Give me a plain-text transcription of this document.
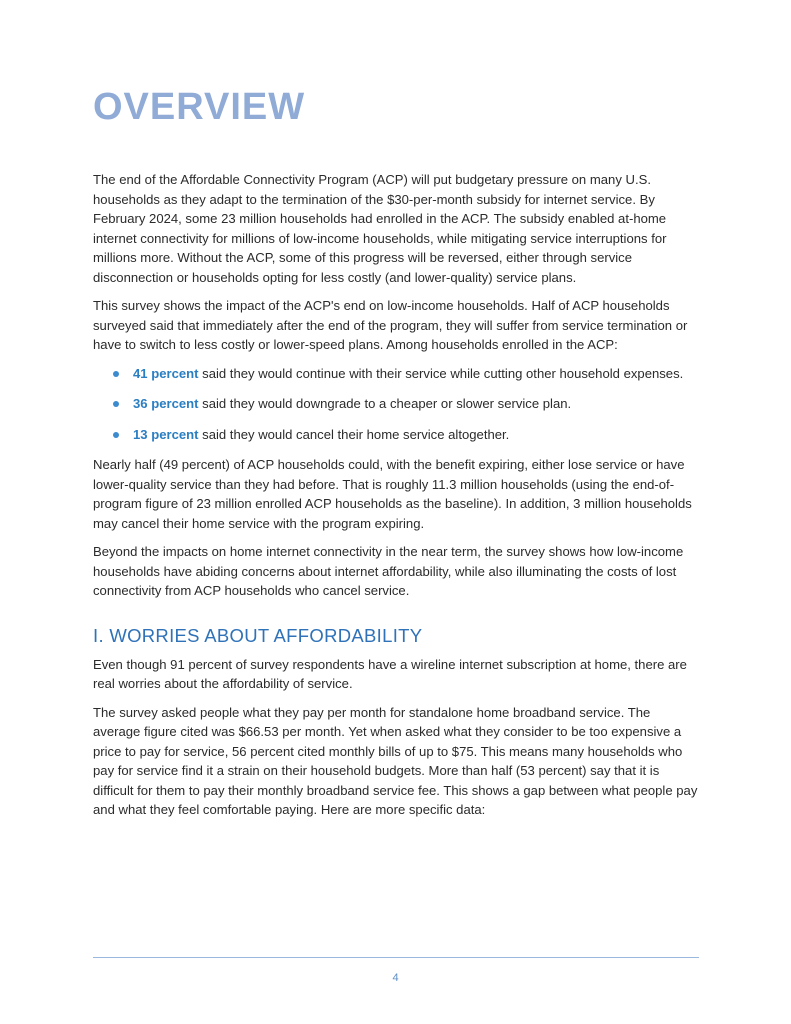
OVERVIEW

The end of the Affordable Connectivity Program (ACP) will put budgetary pressure on many U.S. households as they adapt to the termination of the $30-per-month subsidy for internet service. By February 2024, some 23 million households had enrolled in the ACP. The subsidy enabled at-home internet connectivity for millions of low-income households, while mitigating service interruptions for millions more. Without the ACP, some of this progress will be reversed, either through service disconnection or households opting for less costly (and lower-quality) service plans.

This survey shows the impact of the ACP's end on low-income households. Half of ACP households surveyed said that immediately after the end of the program, they will suffer from service termination or have to switch to less costly or lower-speed plans. Among households enrolled in the ACP:

41 percent said they would continue with their service while cutting other household expenses.
36 percent said they would downgrade to a cheaper or slower service plan.
13 percent said they would cancel their home service altogether.

Nearly half (49 percent) of ACP households could, with the benefit expiring, either lose service or have lower-quality service than they had before. That is roughly 11.3 million households (using the end-of-program figure of 23 million enrolled ACP households as the baseline). In addition, 3 million households may cancel their home service with the program expiring.

Beyond the impacts on home internet connectivity in the near term, the survey shows how low-income households have abiding concerns about internet affordability, while also illuminating the costs of lost connectivity from ACP households who cancel service.

I. WORRIES ABOUT AFFORDABILITY

Even though 91 percent of survey respondents have a wireline internet subscription at home, there are real worries about the affordability of service.

The survey asked people what they pay per month for standalone home broadband service. The average figure cited was $66.53 per month. Yet when asked what they consider to be too expensive a price to pay for service, 56 percent cited monthly bills of up to $75. This means many households who pay for service find it a strain on their household budgets. More than half (53 percent) say that it is difficult for them to pay their monthly broadband service fee. This shows a gap between what people pay and what they feel comfortable paying. Here are more specific data:

4
